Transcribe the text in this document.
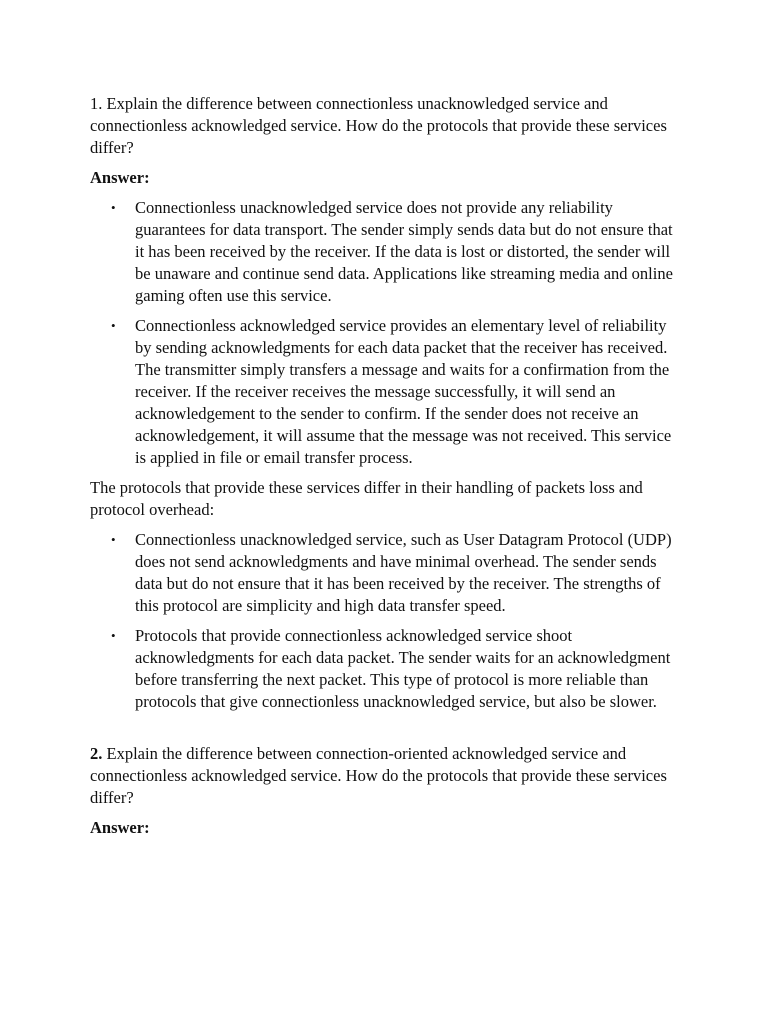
1. Explain the difference between connectionless unacknowledged service and connectionless acknowledged service. How do the protocols that provide these services differ?

Answer:

• Connectionless unacknowledged service does not provide any reliability guarantees for data transport. The sender simply sends data but do not ensure that it has been received by the receiver. If the data is lost or distorted, the sender will be unaware and continue send data. Applications like streaming media and online gaming often use this service.
• Connectionless acknowledged service provides an elementary level of reliability by sending acknowledgments for each data packet that the receiver has received. The transmitter simply transfers a message and waits for a confirmation from the receiver. If the receiver receives the message successfully, it will send an acknowledgement to the sender to confirm. If the sender does not receive an acknowledgement, it will assume that the message was not received. This service is applied in file or email transfer process.

The protocols that provide these services differ in their handling of packets loss and protocol overhead:

• Connectionless unacknowledged service, such as User Datagram Protocol (UDP) does not send acknowledgments and have minimal overhead. The sender sends data but do not ensure that it has been received by the receiver. The strengths of this protocol are simplicity and high data transfer speed.
• Protocols that provide connectionless acknowledged service shoot acknowledgments for each data packet. The sender waits for an acknowledgment before transferring the next packet. This type of protocol is more reliable than protocols that give connectionless unacknowledged service, but also be slower.

2. Explain the difference between connection-oriented acknowledged service and connectionless acknowledged service. How do the protocols that provide these services differ?

Answer:
